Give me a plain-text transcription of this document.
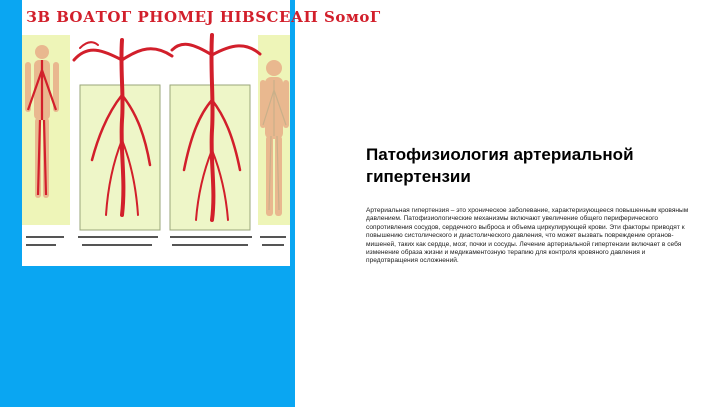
ЗВ ВОАТОГ РНОМЕЈ НІВЅСЕАП ЅомоГ
Патофизиология артериальной гипертензии

Артериальная гипертензия – это хроническое заболевание, характеризующееся повышенным кровяным давлением. Патофизиологические механизмы включают увеличение общего периферического сопротивления сосудов, сердечного выброса и объема циркулирующей крови. Эти факторы приводят к повышению систолического и диастолического давления, что может вызвать повреждение органов-мишеней, таких как сердце, мозг, почки и сосуды. Лечение артериальной гипертензии включает в себя изменение образа жизни и медикаментозную терапию для контроля кровяного давления и предотвращения осложнений.
